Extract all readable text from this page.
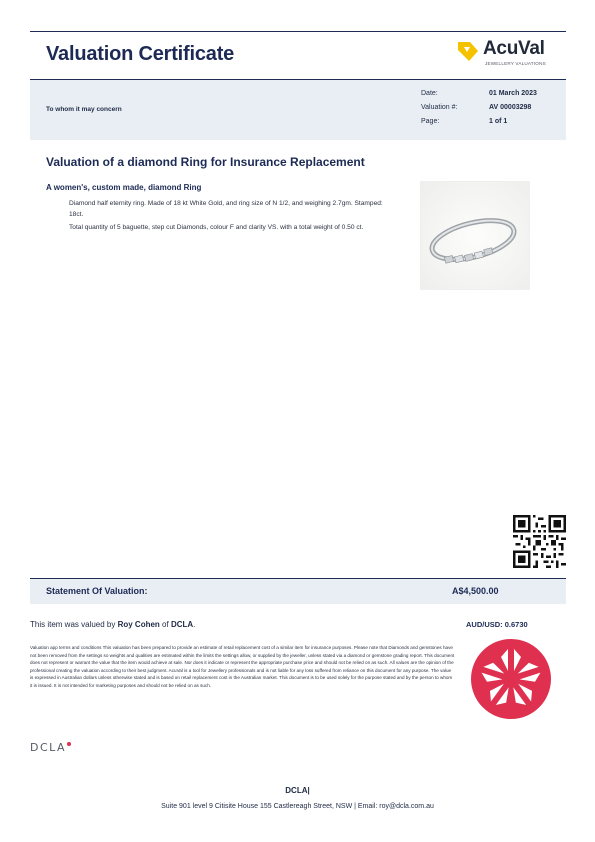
Valuation Certificate	AcuVal
JEWELLERY VALUATIONS
To whom it may concern
Date:	01 March 2023
Valuation #:	AV 00003298
Page:	1 of 1
Valuation of a diamond Ring for Insurance Replacement
A women's, custom made, diamond Ring

Diamond half eternity ring. Made of 18 kt White Gold, and ring size of N 1/2, and weighing 2.7gm. Stamped: 18ct.

Total quantity of 5 baguette, step cut Diamonds, colour F and clarity VS. with a total weight of 0.50 ct.

Statement Of Valuation:	A$4,500.00
This item was valued by Roy Cohen of DCLA.	AUD/USD: 0.6730
Valuation app terms and conditions This valuation has been prepared to provide an estimate of retail replacement cost of a similar item for insurance purposes. Please note that Diamonds and gemstones have not been removed from the settings so weights and qualities are estimated within the limits the settings allow, or supplied by the jeweller, unless stated via a diamond or gemstone grading report. This document does not represent or warrant the value that the item would achieve at sale. Nor does it indicate or represent the appropriate purchase price and should not be relied on as such. All values are the opinion of the professional creating the valuation according to their best judgment. AcuVal is a tool for Jewellery professionals and is not liable for any loss suffered from reliance on this document for any purpose. The value is expressed in Australian dollars unless otherwise stated and is based on retail replacement cost in the Australian market. This document is to be used solely for the purpose stated and by the person to whom it is issued. It is not intended for marketing purposes and should not be relied on as such.
DCLA
DCLA|
Suite 901 level 9 Citisite House 155 Castlereagh Street, NSW | Email: roy@dcla.com.au
